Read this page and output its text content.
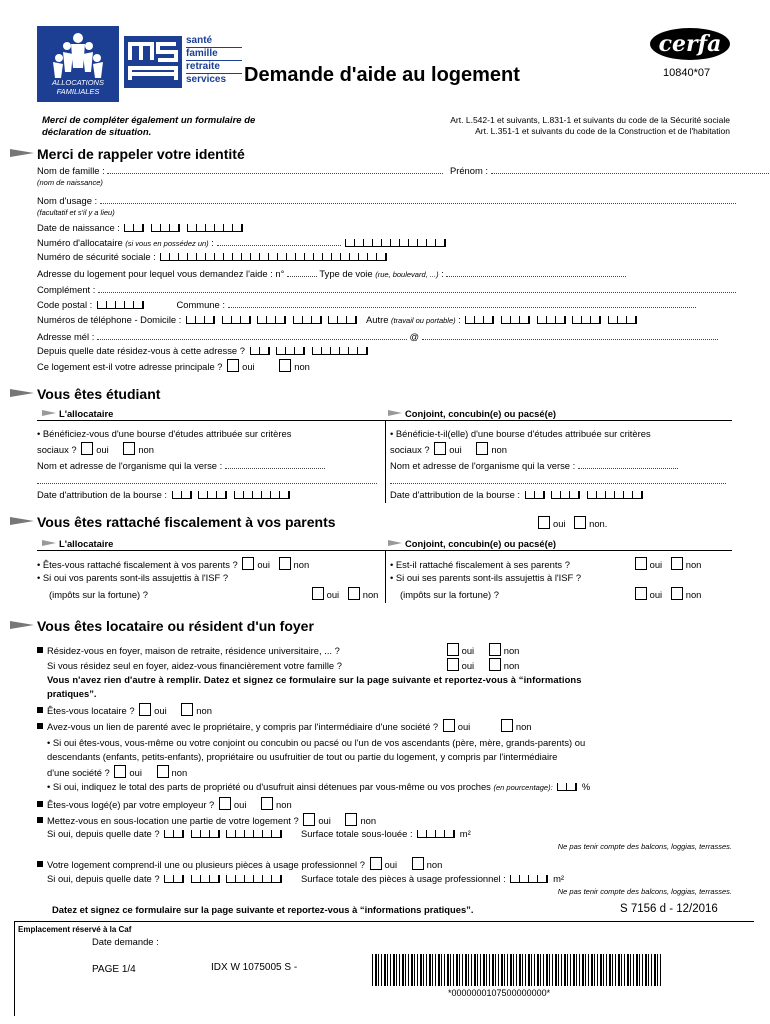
ALLOCATIONS FAMILIALES
santé
famille
retraite
services Demande d'aide au logement
cerfa
10840*07
Merci de compléter également un formulaire de déclaration de situation.
Art. L.542-1 et suivants, L.831-1 et suivants du code de la Sécurité sociale
Art. L.351-1 et suivants du code de la Construction et de l'habitation
Merci de rappeler votre identité
Nom de famille :	Prénom :
(nom de naissance)
Nom d'usage :
(facultatif et s'il y a lieu)
Date de naissance :
Numéro d'allocataire (si vous en possédez un) :
Numéro de sécurité sociale :
Adresse du logement pour lequel vous demandez l'aide : n°	Type de voie (rue, boulevard, ...) :
Complément :
Code postal :	Commune :
Numéros de téléphone - Domicile :	Autre (travail ou portable) :
Adresse mél :	@
Depuis quelle date résidez-vous à cette adresse ?
Ce logement est-il votre adresse principale ? oui	non
Vous êtes étudiant
L'allocataire	Conjoint, concubin(e) ou pacsé(e)
• Bénéficiez-vous d'une bourse d'études attribuée sur critères
sociaux ? oui	non
Nom et adresse de l'organisme qui la verse :
Date d'attribution de la bourse :
• Bénéficie-t-il(elle) d'une bourse d'études attribuée sur critères
sociaux ? oui	non
Nom et adresse de l'organisme qui la verse :
Date d'attribution de la bourse :
Vous êtes rattaché fiscalement à vos parents	oui	non.
L'allocataire	Conjoint, concubin(e) ou pacsé(e)
• Êtes-vous rattaché fiscalement à vos parents ? oui	non
• Si oui vos parents sont-ils assujettis à l'ISF ?
(impôts sur la fortune) ?	oui	non
• Est-il rattaché fiscalement à ses parents ?	oui	non
• Si oui ses parents sont-ils assujettis à l'ISF ?
(impôts sur la fortune) ?	oui	non
Vous êtes locataire ou résident d'un foyer
Résidez-vous en foyer, maison de retraite, résidence universitaire, ... ?	oui	non
Si vous résidez seul en foyer, aidez-vous financièrement votre famille ?	oui	non
Vous n'avez rien d'autre à remplir. Datez et signez ce formulaire sur la page suivante et reportez-vous à “informations
pratiques”.
Êtes-vous locataire ? oui	non
Avez-vous un lien de parenté avec le propriétaire, y compris par l'intermédiaire d'une société ? oui	non
• Si oui êtes-vous, vous-même ou votre conjoint ou concubin ou pacsé ou l'un de vos ascendants (père, mère, grands-parents) ou
descendants (enfants, petits-enfants), propriétaire ou usufruitier de tout ou partie du logement, y compris par l'intermédiaire
d'une société ? oui	non
• Si oui, indiquez le total des parts de propriété ou d'usufruit ainsi détenues par vous-même ou vos proches (en pourcentage):	%
Êtes-vous logé(e) par votre employeur ? oui	non
Mettez-vous en sous-location une partie de votre logement ? oui	non
Si oui, depuis quelle date ?	Surface totale sous-louée :	m²
Ne pas tenir compte des balcons, loggias, terrasses.
Votre logement comprend-il une ou plusieurs pièces à usage professionnel ? oui	non
Si oui, depuis quelle date ?	Surface totale des pièces à usage professionnel :	m²
Ne pas tenir compte des balcons, loggias, terrasses.
Datez et signez ce formulaire sur la page suivante et reportez-vous à “informations pratiques”.	S 7156 d - 12/2016
Emplacement réservé à la Caf
Date demande :
PAGE 1/4	IDX W 1075005 S -
*0000000107500000000*
